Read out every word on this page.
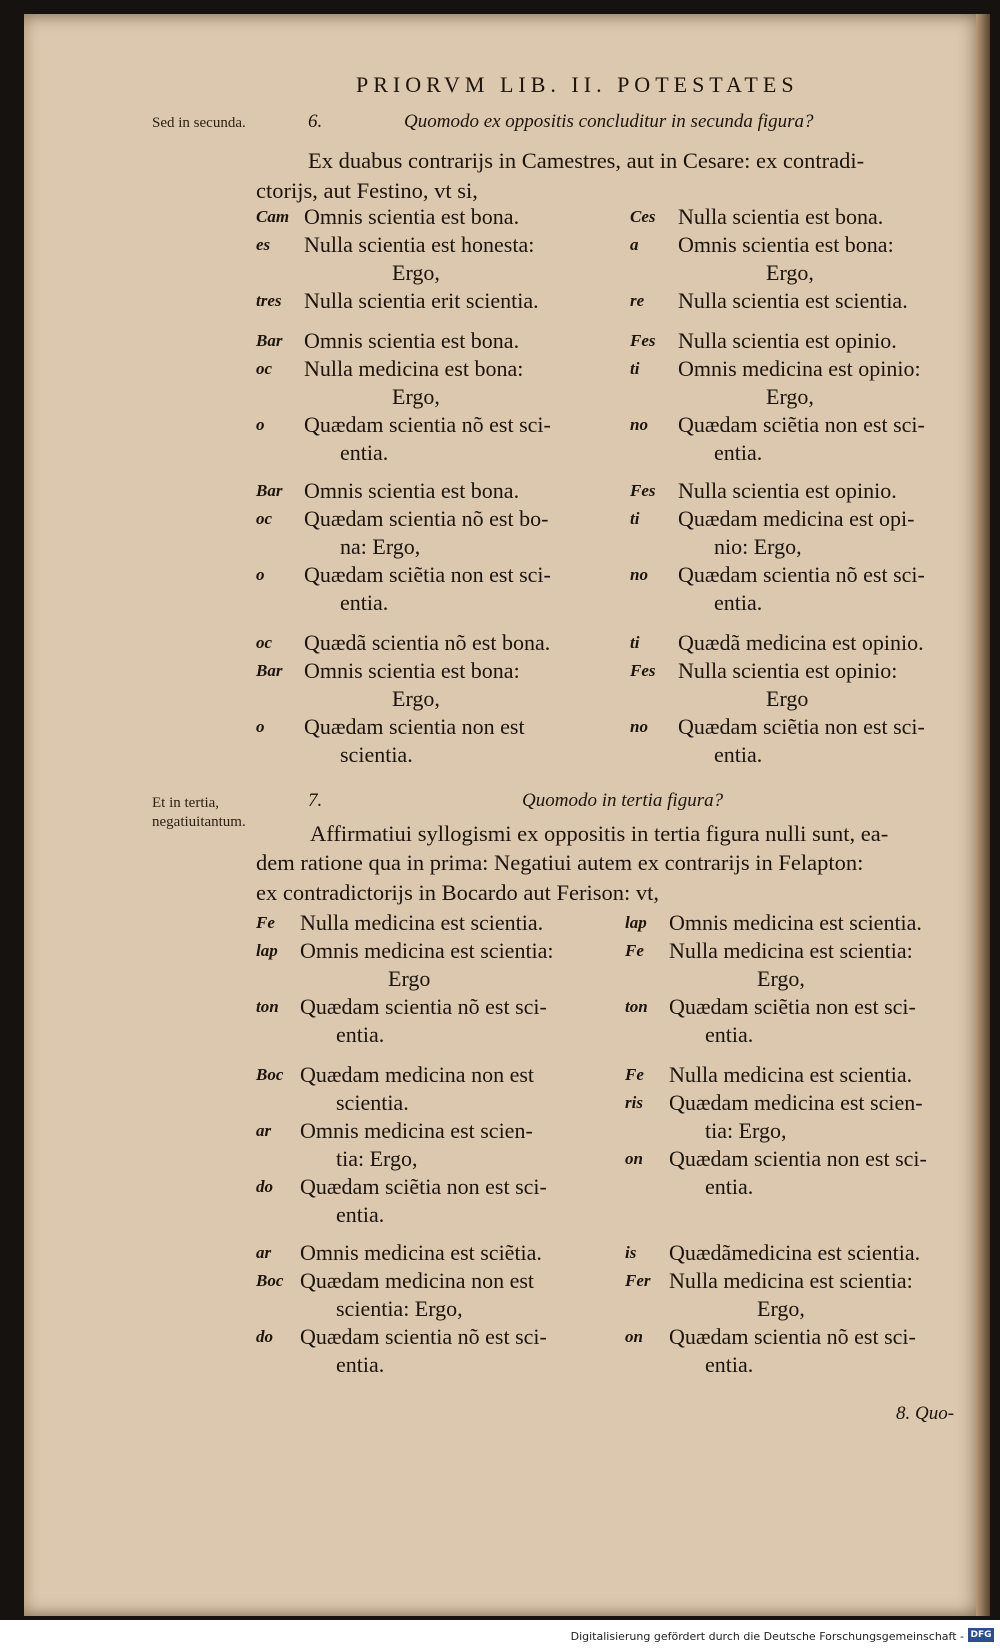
PRIORVM LIB. II. POTESTATES
Sed in secunda.
Et in tertia, negatiuitantum.
6.	Quomodo ex oppositis concluditur in secunda figura?
Ex duabus contrarijs in Camestres, aut in Cesare: ex contradi-
ctorijs, aut Festino, vt si,
Cam Omnis scientia est bona.
es Nulla scientia est honesta:
Ergo,
tres Nulla scientia erit scientia.
Ces Nulla scientia est bona.
a Omnis scientia est bona:
Ergo,
re Nulla scientia est scientia.
Bar Omnis scientia est bona.
oc Nulla medicina est bona:
Ergo,
o Quædam scientia nõ est sci-
entia.
Fes Nulla scientia est opinio.
ti Omnis medicina est opinio:
Ergo,
no Quædam sciẽtia non est sci-
entia.
Bar Omnis scientia est bona.
oc Quædam scientia nõ est bo-
na: Ergo,
o Quædam sciẽtia non est sci-
entia.
Fes Nulla scientia est opinio.
ti Quædam medicina est opi-
nio: Ergo,
no Quædam scientia nõ est sci-
entia.
oc Quædã scientia nõ est bona.
Bar Omnis scientia est bona:
Ergo,
o Quædam scientia non est
scientia.
ti Quædã medicina est opinio.
Fes Nulla scientia est opinio:
Ergo
no Quædam sciẽtia non est sci-
entia.
7.	Quomodo in tertia figura?
Affirmatiui syllogismi ex oppositis in tertia figura nulli sunt, ea-
dem ratione qua in prima: Negatiui autem ex contrarijs in Felapton:
ex contradictorijs in Bocardo aut Ferison: vt,
Fe Nulla medicina est scientia.
lap Omnis medicina est scientia:
Ergo
ton Quædam scientia nõ est sci-
entia.
lap Omnis medicina est scientia.
Fe Nulla medicina est scientia:
Ergo,
ton Quædam sciẽtia non est sci-
entia.
Boc Quædam medicina non est
scientia.
ar Omnis medicina est scien-
tia: Ergo,
do Quædam sciẽtia non est sci-
entia.
Fe Nulla medicina est scientia.
ris Quædam medicina est scien-
tia: Ergo,
on Quædam scientia non est sci-
entia.
ar Omnis medicina est sciẽtia.
Boc Quædam medicina non est
scientia: Ergo,
do Quædam scientia nõ est sci-
entia.
is Quædãmedicina est scientia.
Fer Nulla medicina est scientia:
Ergo,
on Quædam scientia nõ est sci-
entia.
8. Quo-
Digitalisierung gefördert durch die Deutsche Forschungsgemeinschaft - DFG
